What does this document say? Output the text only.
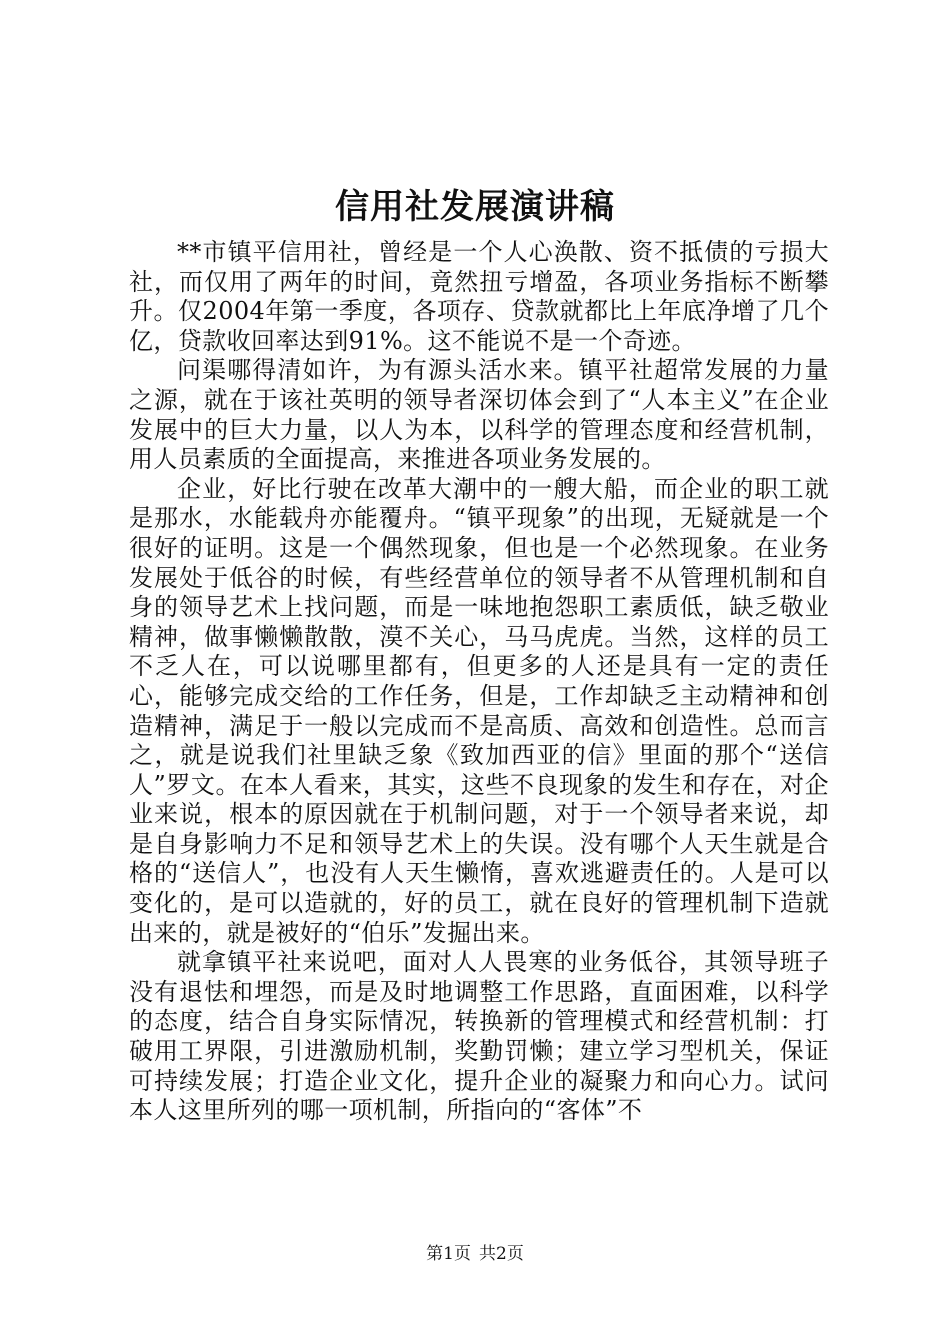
信用社发展演讲稿

**市镇平信用社，曾经是一个人心涣散、资不抵债的亏损大社，而仅用了两年的时间，竟然扭亏增盈，各项业务指标不断攀升。仅2004年第一季度，各项存、贷款就都比上年底净增了几个亿，贷款收回率达到91%。这不能说不是一个奇迹。

问渠哪得清如许，为有源头活水来。镇平社超常发展的力量之源，就在于该社英明的领导者深切体会到了“人本主义”在企业发展中的巨大力量，以人为本，以科学的管理态度和经营机制，用人员素质的全面提高，来推进各项业务发展的。

企业，好比行驶在改革大潮中的一艘大船，而企业的职工就是那水，水能载舟亦能覆舟。“镇平现象”的出现，无疑就是一个很好的证明。这是一个偶然现象，但也是一个必然现象。在业务发展处于低谷的时候，有些经营单位的领导者不从管理机制和自身的领导艺术上找问题，而是一味地抱怨职工素质低，缺乏敬业精神，做事懒懒散散，漠不关心，马马虎虎。当然，这样的员工不乏人在，可以说哪里都有，但更多的人还是具有一定的责任心，能够完成交给的工作任务，但是，工作却缺乏主动精神和创造精神，满足于一般以完成而不是高质、高效和创造性。总而言之，就是说我们社里缺乏象《致加西亚的信》里面的那个“送信人”罗文。在本人看来，其实，这些不良现象的发生和存在，对企业来说，根本的原因就在于机制问题，对于一个领导者来说，却是自身影响力不足和领导艺术上的失误。没有哪个人天生就是合格的“送信人”，也没有人天生懒惰，喜欢逃避责任的。人是可以变化的，是可以造就的，好的员工，就在良好的管理机制下造就出来的，就是被好的“伯乐”发掘出来。

就拿镇平社来说吧，面对人人畏寒的业务低谷，其领导班子没有退怯和埋怨，而是及时地调整工作思路，直面困难，以科学的态度，结合自身实际情况，转换新的管理模式和经营机制：打破用工界限，引进激励机制，奖勤罚懒；建立学习型机关，保证可持续发展；打造企业文化，提升企业的凝聚力和向心力。试问本人这里所列的哪一项机制，所指向的“客体”不

第1页 共2页
